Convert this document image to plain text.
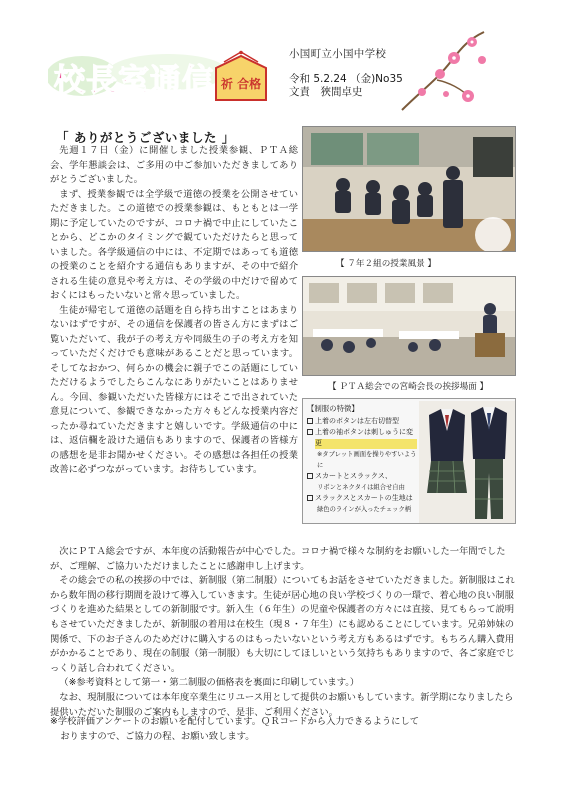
校長室通信 祈 合格
小国町立小国中学校
令和 5.2.24 （金)No35
文責　狹間卓史
「 ありがとうございました 」

先週１７日（金）に開催しました授業参観、ＰＴＡ総会、学年懇談会は、ご多用の中ご参加いただきましてありがとうございました。

まず、授業参観では全学級で道徳の授業を公開させていただきました。この道徳での授業参観は、もともとは一学期に予定していたのですが、コロナ禍で中止にしていたことから、どこかのタイミングで観ていただけたらと思っていました。各学級通信の中には、不定期ではあっても道徳の授業のことを紹介する通信もありますが、その中で紹介される生徒の意見や考え方は、その学級の中だけで留めておくにはもったいないと常々思っていました。

生徒が帰宅して道徳の話題を自ら持ち出すことはあまりないはずですが、その通信を保護者の皆さん方にまずはご覧いただいて、我が子の考え方や同級生の子の考え方を知っていただくだけでも意味があることだと思っています。そしてなおかつ、何らかの機会に親子でこの話題にしていただけるようでしたらこんなにありがたいことはありません。今回、参観いただいた皆様方にはそこで出されていた意見について、参観できなかった方々もどんな授業内容だったか尋ねていただきますと嬉しいです。学級通信の中には、返信欄を設けた通信もありますので、保護者の皆様方の感想を是非お聞かせください。その感想は各担任の授業改善に必ずつながっています。お待ちしています。

【 ７年２組の授業風景 】
【 ＰＴＡ総会での宮崎会長の挨拶場面 】
【制服の特徴】
上着のボタンは左右切替型
上着の袖ボタンは刺しゅうに変更
※タブレット画面を操りやすいように
スカートとスラックス、
リボンとネクタイは組合せ自由
スラックスとスカートの生地は
緑色のラインが入ったチェック柄

次にＰＴＡ総会ですが、本年度の活動報告が中心でした。コロナ禍で様々な制約をお願いした一年間でしたが、ご理解、ご協力いただけましたことに感謝申し上げます。

その総会での私の挨拶の中では、新制服（第二制服）についてもお話をさせていただきました。新制服はこれから数年間の移行期間を設けて導入していきます。生徒が居心地の良い学校づくりの一環で、着心地の良い制服づくりを進めた結果としての新制服です。新入生（６年生）の児童や保護者の方々には直接、見てもらって説明もさせていただきましたが、新制服の着用は在校生（現８・７年生）にも認めることにしています。兄弟姉妹の関係で、下のお子さんのためだけに購入するのはもったいないという考え方もあるはずです。もちろん購入費用がかかることであり、現在の制服（第一制服）も大切にしてほしいという気持ちもありますので、各ご家庭でじっくり話し合われてください。

（※参考資料として第一・第二制服の価格表を裏面に印刷しています。）

なお、現制服については本年度卒業生にリユース用として提供のお願いもしています。新学期になりましたら提供いただいた制服のご案内もしますので、是非、ご利用ください。

※学校評価アンケートのお願いを配付しています。ＱＲコードから入力できるようにして
おりますので、ご協力の程、お願い致します。
